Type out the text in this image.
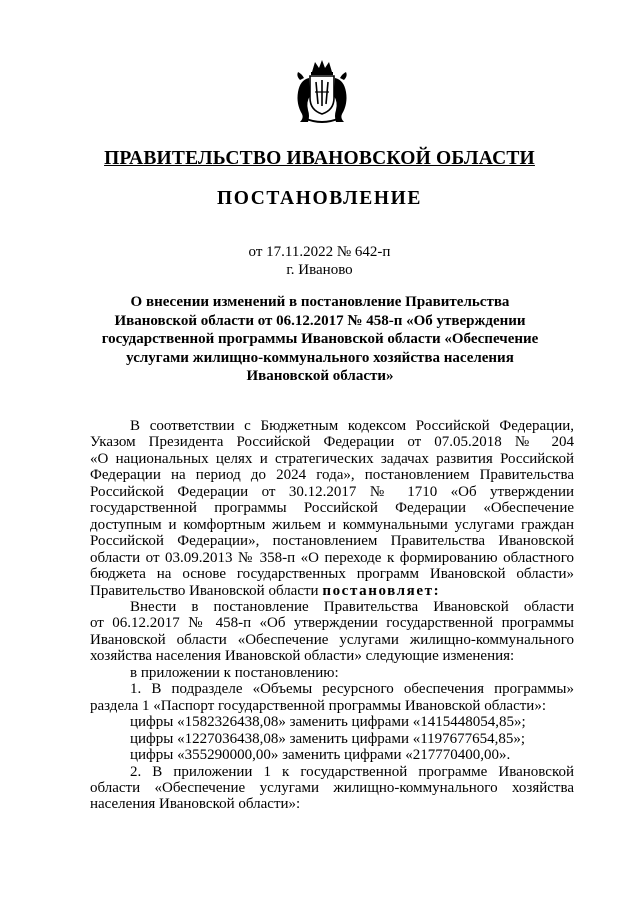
ПРАВИТЕЛЬСТВО ИВАНОВСКОЙ ОБЛАСТИ
ПОСТАНОВЛЕНИЕ
от 17.11.2022 № 642-п
г. Иваново
О внесении изменений в постановление Правительства
Ивановской области от 06.12.2017 № 458-п «Об утверждении
государственной программы Ивановской области «Обеспечение
услугами жилищно-коммунального хозяйства населения
Ивановской области»
В соответствии с Бюджетным кодексом Российской Федерации,
Указом Президента Российской Федерации от 07.05.2018 № 204
«О национальных целях и стратегических задачах развития Российской
Федерации на период до 2024 года», постановлением Правительства
Российской Федерации от 30.12.2017 № 1710 «Об утверждении
государственной программы Российской Федерации «Обеспечение
доступным и комфортным жильем и коммунальными услугами граждан
Российской Федерации», постановлением Правительства Ивановской
области от 03.09.2013 № 358-п «О переходе к формированию областного
бюджета на основе государственных программ Ивановской области»
Правительство Ивановской области постановляет:
Внести в постановление Правительства Ивановской области
от 06.12.2017 № 458-п «Об утверждении государственной программы
Ивановской области «Обеспечение услугами жилищно-коммунального
хозяйства населения Ивановской области» следующие изменения:
в приложении к постановлению:
1. В подразделе «Объемы ресурсного обеспечения программы»
раздела 1 «Паспорт государственной программы Ивановской области»:
цифры «1582326438,08» заменить цифрами «1415448054,85»;
цифры «1227036438,08» заменить цифрами «1197677654,85»;
цифры «355290000,00» заменить цифрами «217770400,00».
2. В приложении 1 к государственной программе Ивановской
области «Обеспечение услугами жилищно-коммунального хозяйства
населения Ивановской области»:
